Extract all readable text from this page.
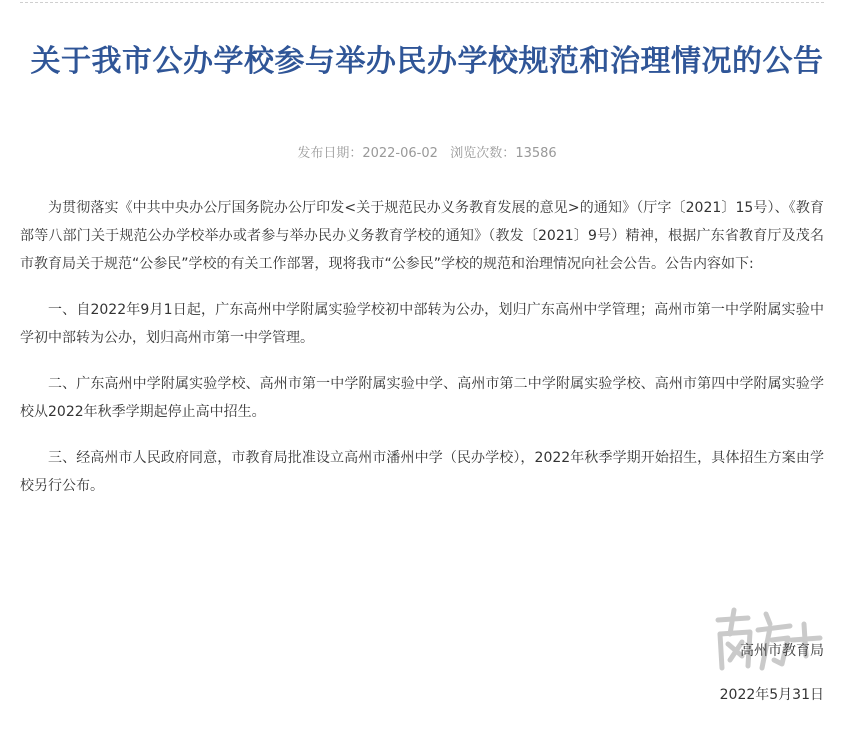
关于我市公办学校参与举办民办学校规范和治理情况的公告
发布日期：2022-06-02 浏览次数：13586

为贯彻落实《中共中央办公厅国务院办公厅印发<关于规范民办义务教育发展的意见>的通知》（厅字〔2021〕15号）、《教育部等八部门关于规范公办学校举办或者参与举办民办义务教育学校的通知》（教发〔2021〕9号）精神，根据广东省教育厅及茂名市教育局关于规范“公参民”学校的有关工作部署，现将我市“公参民”学校的规范和治理情况向社会公告。公告内容如下:

一、自2022年9月1日起，广东高州中学附属实验学校初中部转为公办，划归广东高州中学管理；高州市第一中学附属实验中学初中部转为公办，划归高州市第一中学管理。

二、广东高州中学附属实验学校、高州市第一中学附属实验中学、高州市第二中学附属实验学校、高州市第四中学附属实验学校从2022年秋季学期起停止高中招生。

三、经高州市人民政府同意，市教育局批准设立高州市潘州中学（民办学校），2022年秋季学期开始招生，具体招生方案由学校另行公布。

高州市教育局
2022年5月31日
